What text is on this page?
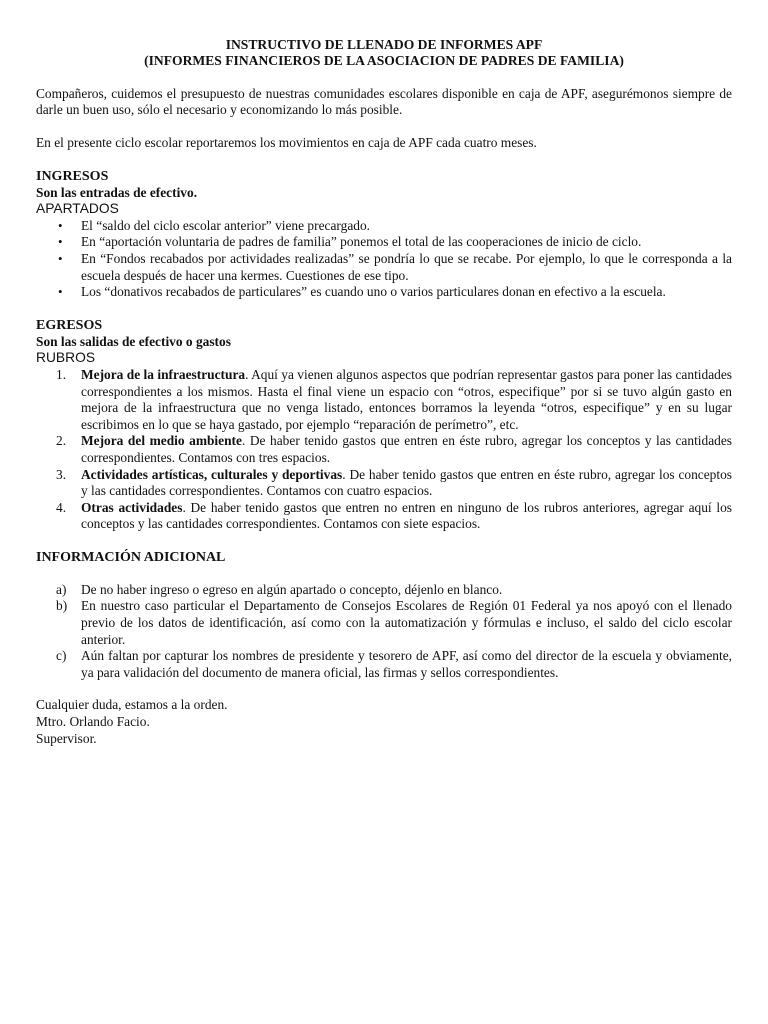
INSTRUCTIVO DE LLENADO DE INFORMES APF
(INFORMES FINANCIEROS DE LA ASOCIACION DE PADRES DE FAMILIA)

Compañeros, cuidemos el presupuesto de nuestras comunidades escolares disponible en caja de APF, asegurémonos siempre de darle un buen uso, sólo el necesario y economizando lo más posible.

En el presente ciclo escolar reportaremos los movimientos en caja de APF cada cuatro meses.

INGRESOS
Son las entradas de efectivo.
APARTADOS
• El “saldo del ciclo escolar anterior” viene precargado.
• En “aportación voluntaria de padres de familia” ponemos el total de las cooperaciones de inicio de ciclo.
• En “Fondos recabados por actividades realizadas” se pondría lo que se recabe. Por ejemplo, lo que le corresponda a la escuela después de hacer una kermes. Cuestiones de ese tipo.
• Los “donativos recabados de particulares” es cuando uno o varios particulares donan en efectivo a la escuela.
EGRESOS
Son las salidas de efectivo o gastos
RUBROS
1. Mejora de la infraestructura. Aquí ya vienen algunos aspectos que podrían representar gastos para poner las cantidades correspondientes a los mismos. Hasta el final viene un espacio con “otros, especifique” por si se tuvo algún gasto en mejora de la infraestructura que no venga listado, entonces borramos la leyenda “otros, especifique” y en su lugar escribimos en lo que se haya gastado, por ejemplo “reparación de perímetro”, etc.
2. Mejora del medio ambiente. De haber tenido gastos que entren en éste rubro, agregar los conceptos y las cantidades correspondientes. Contamos con tres espacios.
3. Actividades artísticas, culturales y deportivas. De haber tenido gastos que entren en éste rubro, agregar los conceptos y las cantidades correspondientes. Contamos con cuatro espacios.
4. Otras actividades. De haber tenido gastos que entren no entren en ninguno de los rubros anteriores, agregar aquí los conceptos y las cantidades correspondientes. Contamos con siete espacios.
INFORMACIÓN ADICIONAL
a) De no haber ingreso o egreso en algún apartado o concepto, déjenlo en blanco.
b) En nuestro caso particular el Departamento de Consejos Escolares de Región 01 Federal ya nos apoyó con el llenado previo de los datos de identificación, así como con la automatización y fórmulas e incluso, el saldo del ciclo escolar anterior.
c) Aún faltan por capturar los nombres de presidente y tesorero de APF, así como del director de la escuela y obviamente, ya para validación del documento de manera oficial, las firmas y sellos correspondientes.
Cualquier duda, estamos a la orden.
Mtro. Orlando Facio.
Supervisor.
